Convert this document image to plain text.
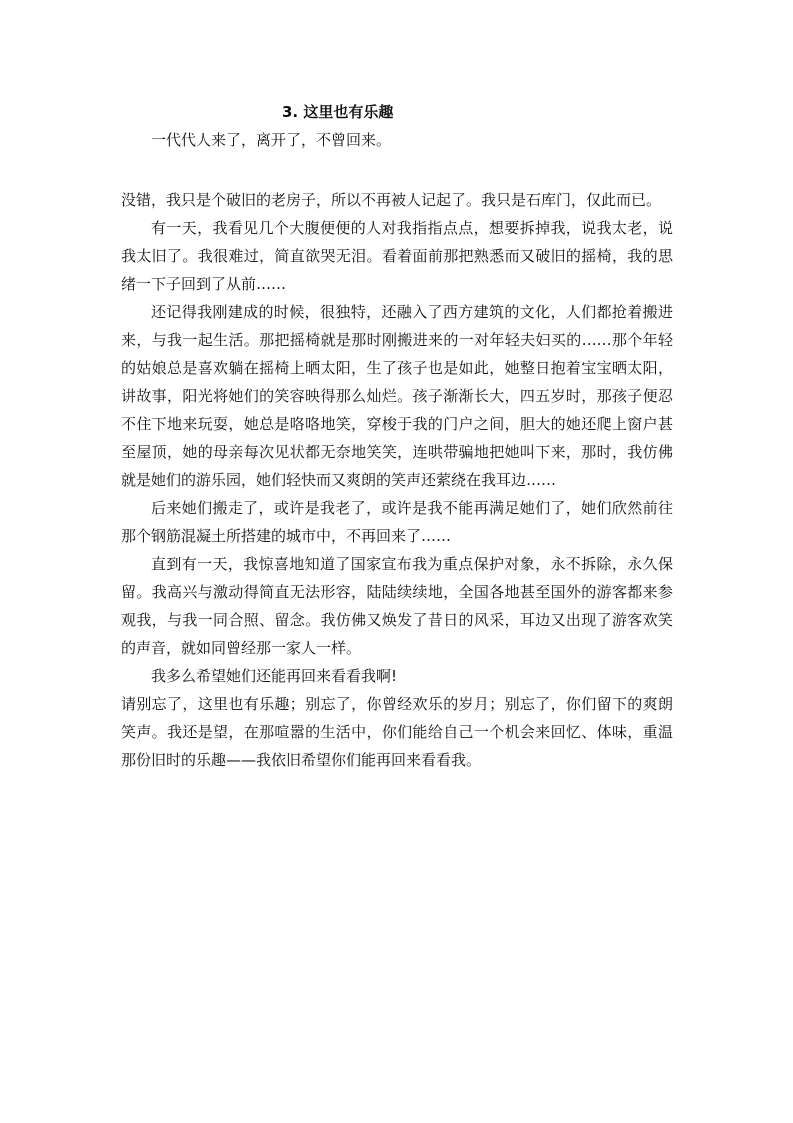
3. 这里也有乐趣

一代代人来了，离开了，不曾回来。

没错，我只是个破旧的老房子，所以不再被人记起了。我只是石库门，仅此而已。

有一天，我看见几个大腹便便的人对我指指点点，想要拆掉我，说我太老，说我太旧了。我很难过，简直欲哭无泪。看着面前那把熟悉而又破旧的摇椅，我的思绪一下子回到了从前……

还记得我刚建成的时候，很独特，还融入了西方建筑的文化，人们都抢着搬进来，与我一起生活。那把摇椅就是那时刚搬进来的一对年轻夫妇买的……那个年轻的姑娘总是喜欢躺在摇椅上晒太阳，生了孩子也是如此，她整日抱着宝宝晒太阳，讲故事，阳光将她们的笑容映得那么灿烂。孩子渐渐长大，四五岁时，那孩子便忍不住下地来玩耍，她总是咯咯地笑，穿梭于我的门户之间，胆大的她还爬上窗户甚至屋顶，她的母亲每次见状都无奈地笑笑，连哄带骗地把她叫下来，那时，我仿佛就是她们的游乐园，她们轻快而又爽朗的笑声还萦绕在我耳边……

后来她们搬走了，或许是我老了，或许是我不能再满足她们了，她们欣然前往那个钢筋混凝土所搭建的城市中，不再回来了……

直到有一天，我惊喜地知道了国家宣布我为重点保护对象，永不拆除，永久保留。我高兴与激动得简直无法形容，陆陆续续地，全国各地甚至国外的游客都来参观我，与我一同合照、留念。我仿佛又焕发了昔日的风采，耳边又出现了游客欢笑的声音，就如同曾经那一家人一样。

我多么希望她们还能再回来看看我啊!

请别忘了，这里也有乐趣；别忘了，你曾经欢乐的岁月；别忘了，你们留下的爽朗笑声。我还是望，在那喧嚣的生活中，你们能给自己一个机会来回忆、体味，重温那份旧时的乐趣——我依旧希望你们能再回来看看我。
